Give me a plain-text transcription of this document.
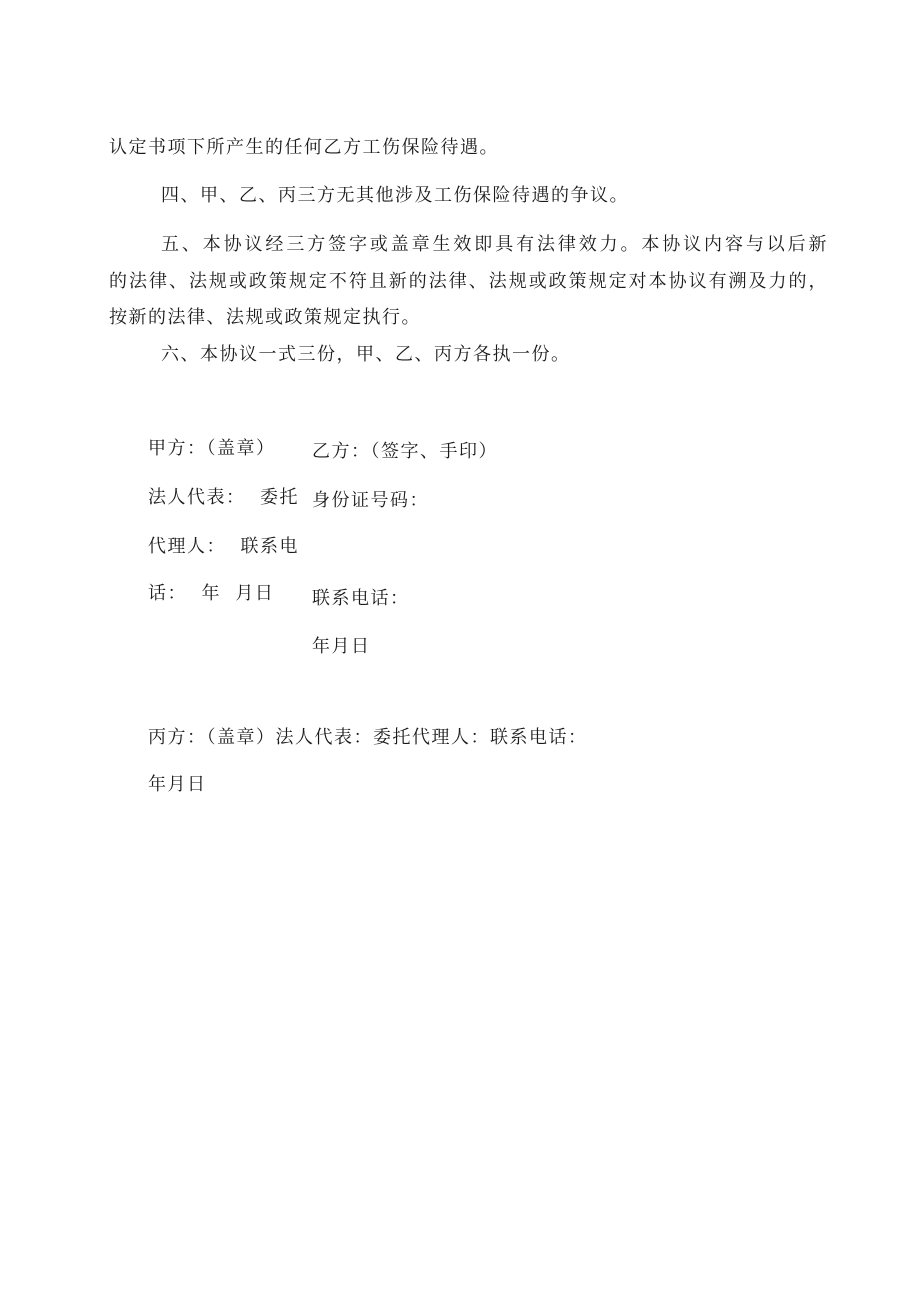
认定书项下所产生的任何乙方工伤保险待遇。
四、甲、乙、丙三方无其他涉及工伤保险待遇的争议。
五、本协议经三方签字或盖章生效即具有法律效力。本协议内容与以后新
的法律、法规或政策规定不符且新的法律、法规或政策规定对本协议有溯及力的，
按新的法律、法规或政策规定执行。
六、本协议一式三份，甲、乙、丙方各执一份。
甲方：（盖章）
法人代表：  委托
代理人：  联系电
话：  年  月日
乙方：（签字、手印）
身份证号码：
联系电话：
年月日
丙方：（盖章）法人代表：委托代理人：联系电话：
年月日
